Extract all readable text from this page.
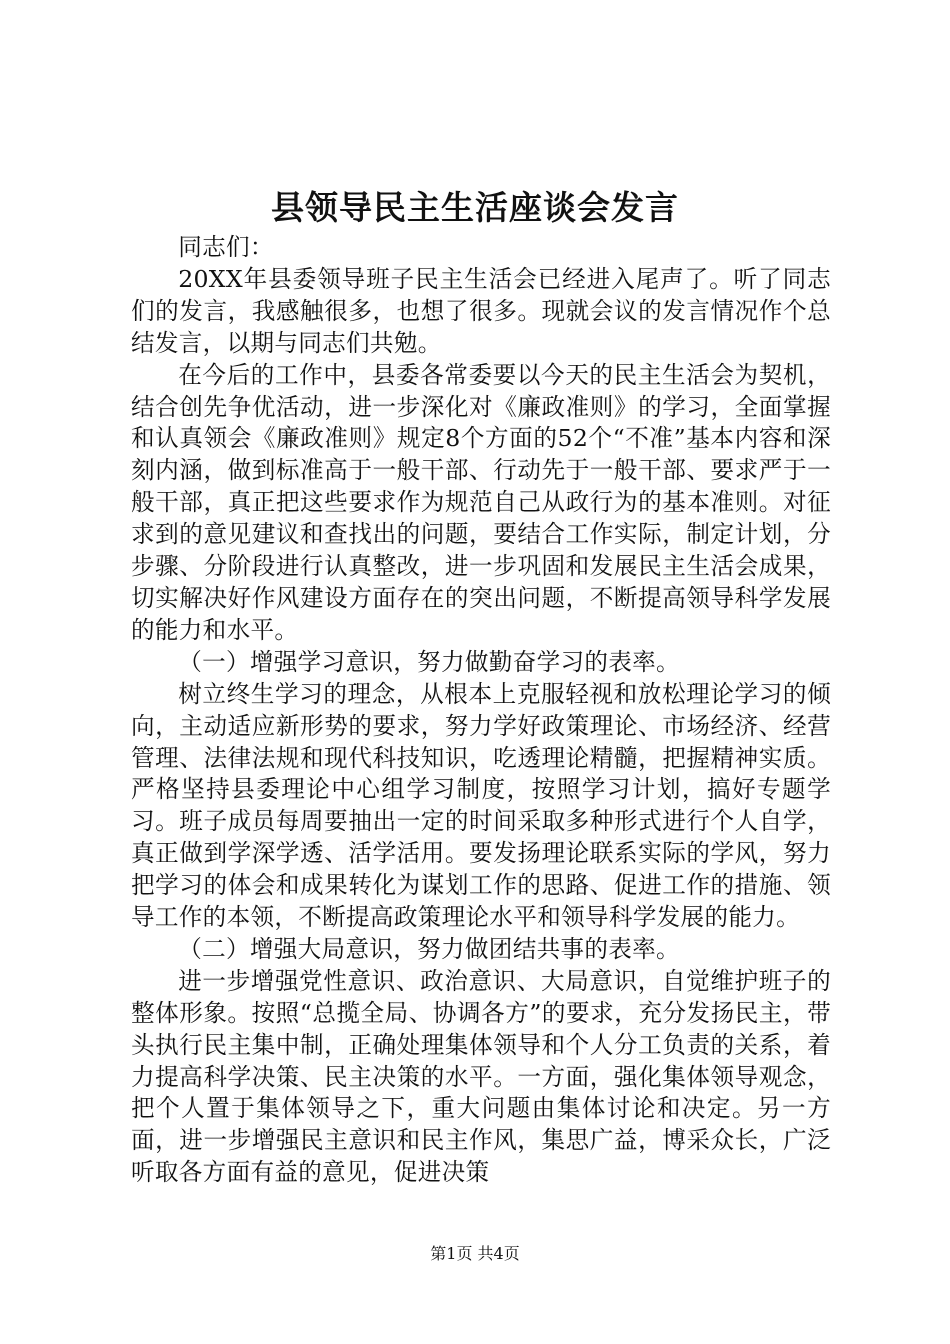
县领导民主生活座谈会发言

同志们：

20XX年县委领导班子民主生活会已经进入尾声了。听了同志们的发言，我感触很多，也想了很多。现就会议的发言情况作个总结发言，以期与同志们共勉。

在今后的工作中，县委各常委要以今天的民主生活会为契机，结合创先争优活动，进一步深化对《廉政准则》的学习，全面掌握和认真领会《廉政准则》规定8个方面的52个“不准”基本内容和深刻内涵，做到标准高于一般干部、行动先于一般干部、要求严于一般干部，真正把这些要求作为规范自己从政行为的基本准则。对征求到的意见建议和查找出的问题，要结合工作实际，制定计划，分步骤、分阶段进行认真整改，进一步巩固和发展民主生活会成果，切实解决好作风建设方面存在的突出问题，不断提高领导科学发展的能力和水平。

（一）增强学习意识，努力做勤奋学习的表率。

树立终生学习的理念，从根本上克服轻视和放松理论学习的倾向，主动适应新形势的要求，努力学好政策理论、市场经济、经营管理、法律法规和现代科技知识，吃透理论精髓，把握精神实质。严格坚持县委理论中心组学习制度，按照学习计划，搞好专题学习。班子成员每周要抽出一定的时间采取多种形式进行个人自学，真正做到学深学透、活学活用。要发扬理论联系实际的学风，努力把学习的体会和成果转化为谋划工作的思路、促进工作的措施、领导工作的本领，不断提高政策理论水平和领导科学发展的能力。

（二）增强大局意识，努力做团结共事的表率。

进一步增强党性意识、政治意识、大局意识，自觉维护班子的整体形象。按照“总揽全局、协调各方”的要求，充分发扬民主，带头执行民主集中制，正确处理集体领导和个人分工负责的关系，着力提高科学决策、民主决策的水平。一方面，强化集体领导观念，把个人置于集体领导之下，重大问题由集体讨论和决定。另一方面，进一步增强民主意识和民主作风，集思广益，博采众长，广泛听取各方面有益的意见，促进决策

第1页 共4页
